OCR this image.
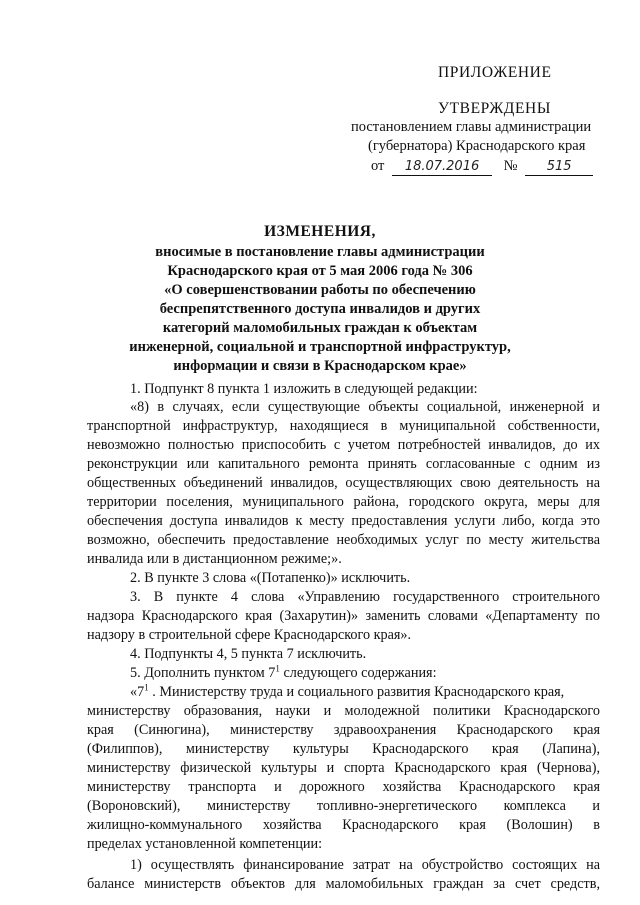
ПРИЛОЖЕНИЕ
УТВЕРЖДЕНЫ
постановлением главы администрации
(губернатора) Краснодарского края
от 18.07.2016 № 515
ИЗМЕНЕНИЯ,
вносимые в постановление главы администрации
Краснодарского края от 5 мая 2006 года № 306
«О совершенствовании работы по обеспечению
беспрепятственного доступа инвалидов и других
категорий маломобильных граждан к объектам
инженерной, социальной и транспортной инфраструктур,
информации и связи в Краснодарском крае»
1. Подпункт 8 пункта 1 изложить в следующей редакции:
«8) в случаях, если существующие объекты социальной, инженерной и
транспортной инфраструктур, находящиеся в муниципальной собственности,
невозможно полностью приспособить с учетом потребностей инвалидов, до их
реконструкции или капитального ремонта принять согласованные с одним из
общественных объединений инвалидов, осуществляющих свою деятельность на
территории поселения, муниципального района, городского округа, меры для
обеспечения доступа инвалидов к месту предоставления услуги либо, когда это
возможно, обеспечить предоставление необходимых услуг по месту жительства
инвалида или в дистанционном режиме;».
2. В пункте 3 слова «(Потапенко)» исключить.
3. В пункте 4 слова «Управлению государственного строительного
надзора Краснодарского края (Захарутин)» заменить словами «Департаменту по
надзору в строительной сфере Краснодарского края».
4. Подпункты 4, 5 пункта 7 исключить.
5. Дополнить пунктом $7^1$ следующего содержания:
«$7^1$ . Министерству труда и социального развития Краснодарского края,
министерству образования, науки и молодежной политики Краснодарского
края (Синюгина), министерству здравоохранения Краснодарского края
(Филиппов), министерству культуры Краснодарского края (Лапина),
министерству физической культуры и спорта Краснодарского края (Чернова),
министерству транспорта и дорожного хозяйства Краснодарского края
(Вороновский), министерству топливно-энергетического комплекса и
жилищно-коммунального хозяйства Краснодарского края (Волошин) в
пределах установленной компетенции:
1) осуществлять финансирование затрат на обустройство состоящих на
балансе министерств объектов для маломобильных граждан за счет средств,
